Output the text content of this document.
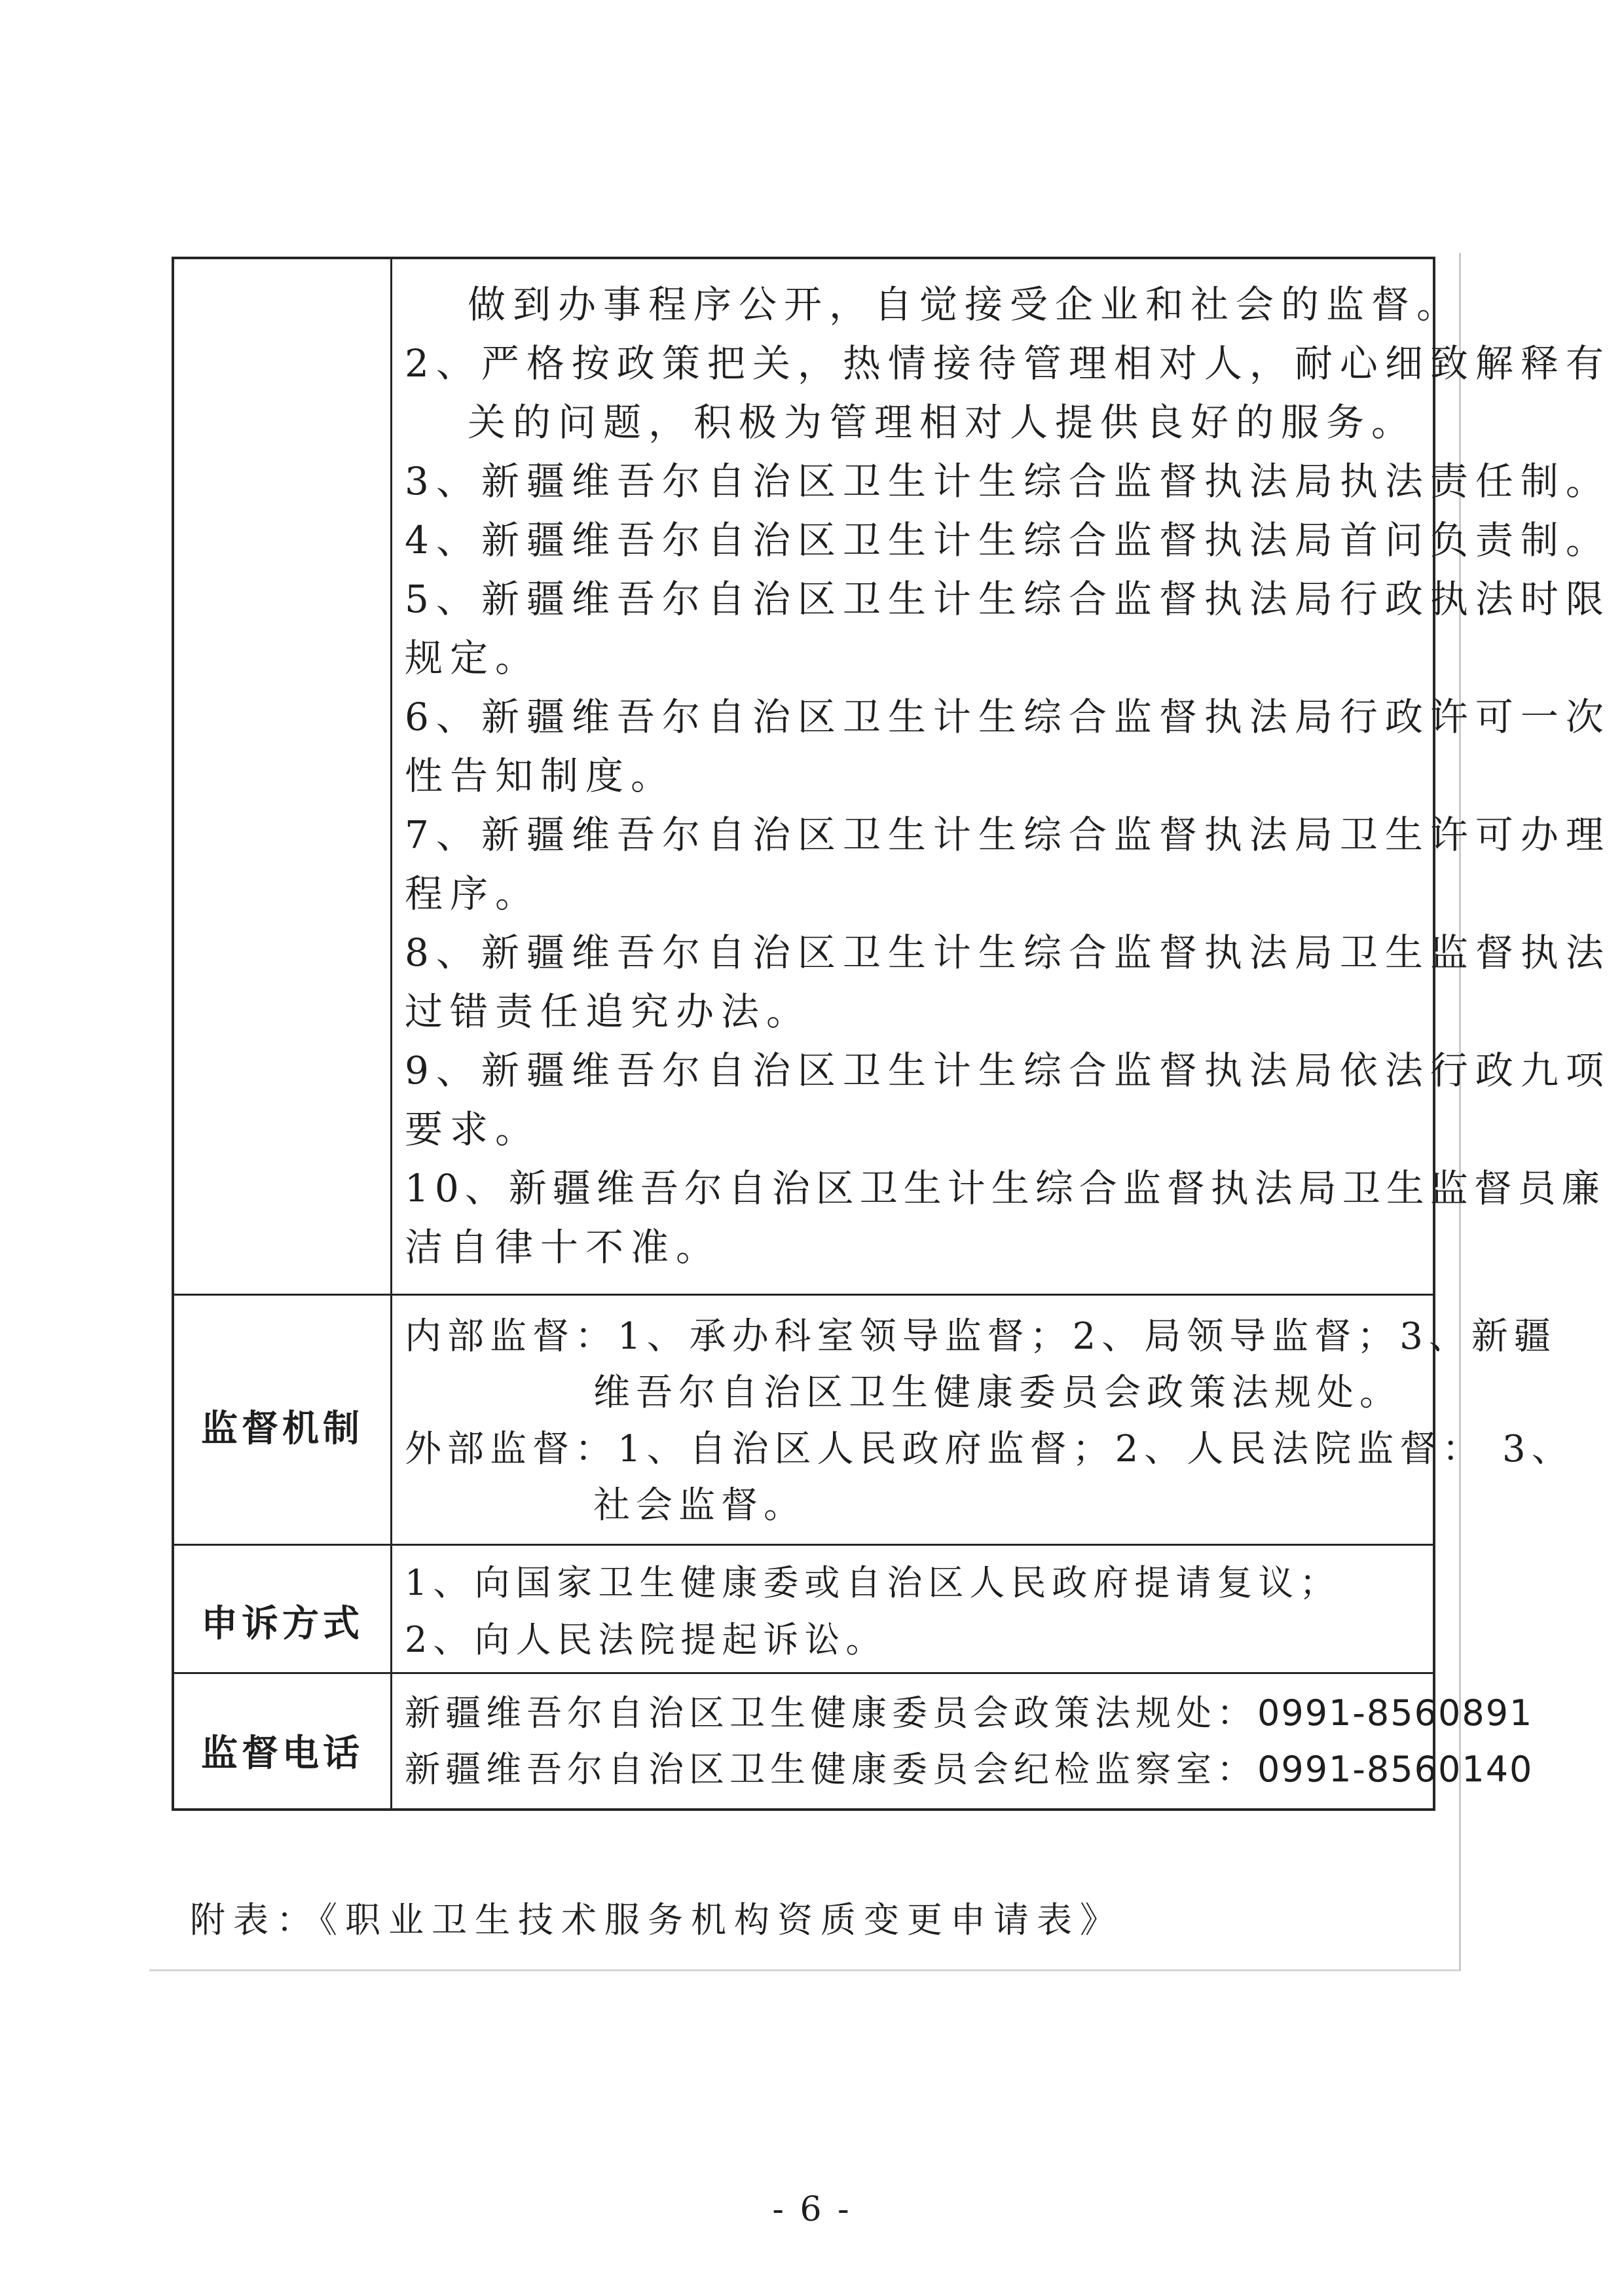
做到办事程序公开，自觉接受企业和社会的监督。
2、严格按政策把关，热情接待管理相对人，耐心细致解释有
关的问题，积极为管理相对人提供良好的服务。
3、新疆维吾尔自治区卫生计生综合监督执法局执法责任制。
4、新疆维吾尔自治区卫生计生综合监督执法局首问负责制。
5、新疆维吾尔自治区卫生计生综合监督执法局行政执法时限
规定。
6、新疆维吾尔自治区卫生计生综合监督执法局行政许可一次
性告知制度。
7、新疆维吾尔自治区卫生计生综合监督执法局卫生许可办理
程序。
8、新疆维吾尔自治区卫生计生综合监督执法局卫生监督执法
过错责任追究办法。
9、新疆维吾尔自治区卫生计生综合监督执法局依法行政九项
要求。
10、新疆维吾尔自治区卫生计生综合监督执法局卫生监督员廉
洁自律十不准。
监督机制
内部监督：1、承办科室领导监督；2、局领导监督；3、新疆
维吾尔自治区卫生健康委员会政策法规处。
外部监督：1、自治区人民政府监督；2、人民法院监督： 3、
社会监督。
申诉方式
1、向国家卫生健康委或自治区人民政府提请复议；
2、向人民法院提起诉讼。
监督电话
新疆维吾尔自治区卫生健康委员会政策法规处：0991-8560891
新疆维吾尔自治区卫生健康委员会纪检监察室：0991-8560140
附表：《职业卫生技术服务机构资质变更申请表》
- 6 -
